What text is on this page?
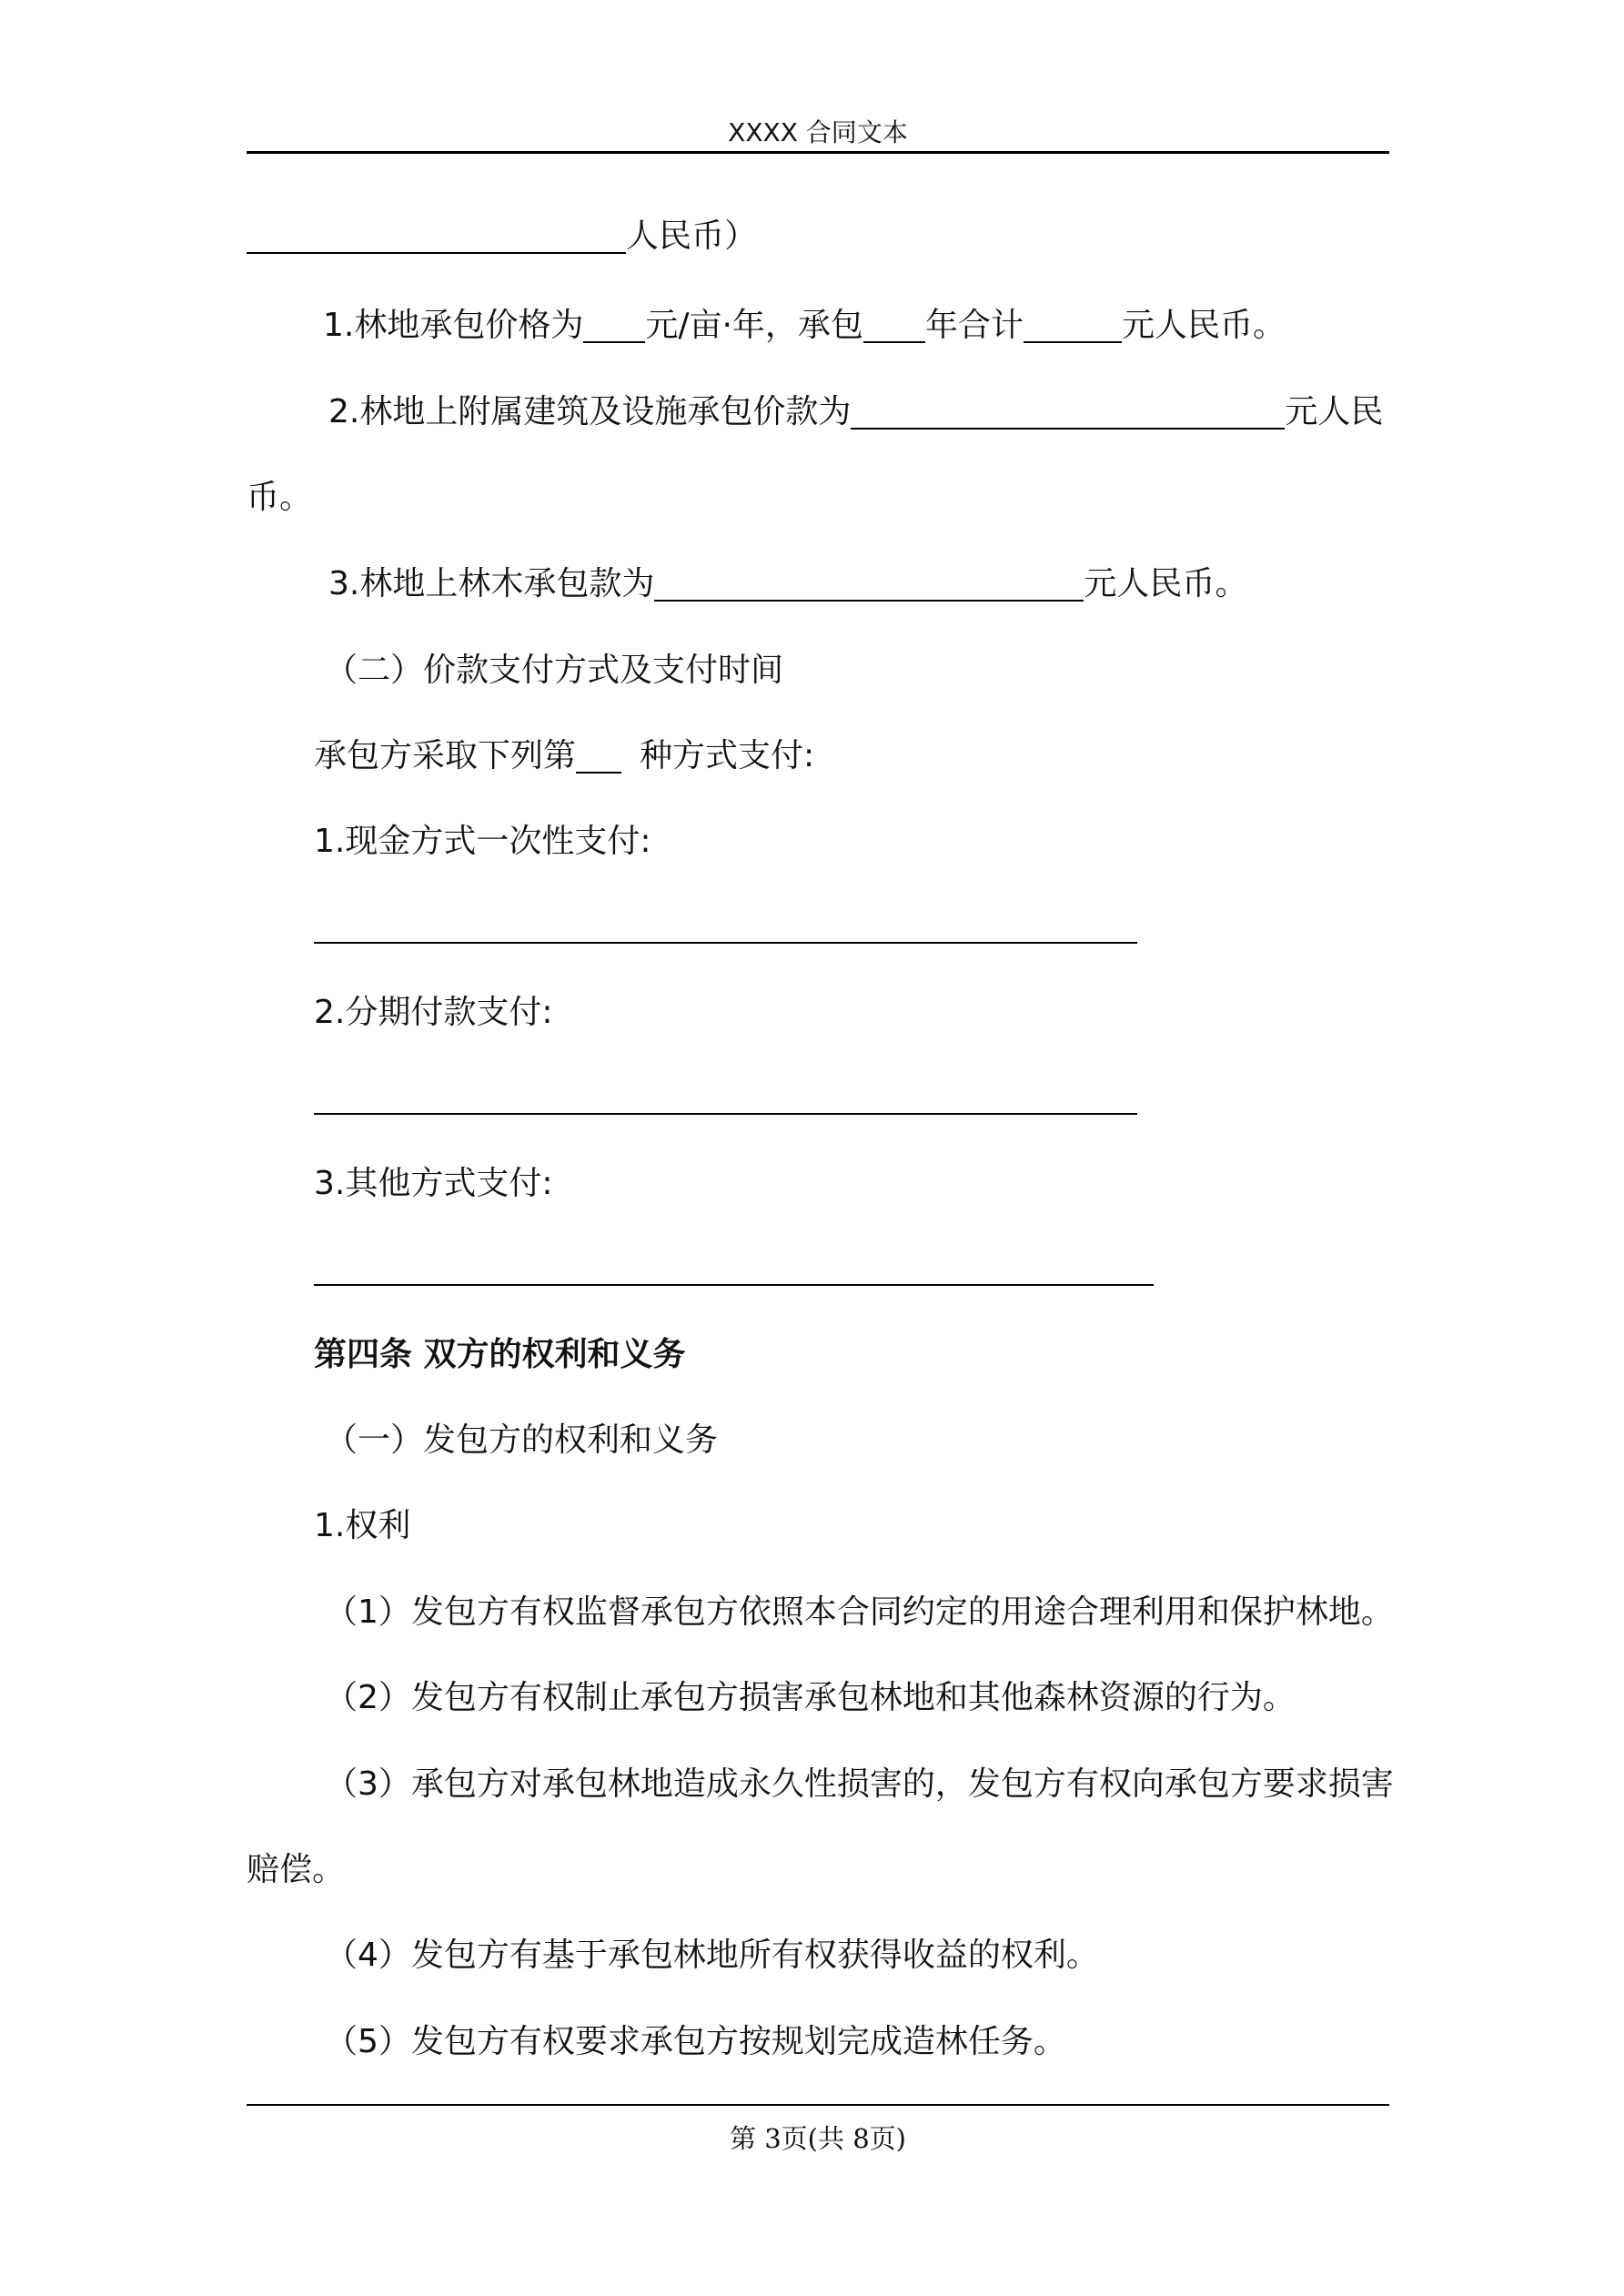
XXXX 合同文本
人民币）
1.林地承包价格为 元/亩·年，承包 年合计	元人民币。
2.林地上附属建筑及设施承包价款为	元人民
币。
3.林地上林木承包款为	元人民币。
（二）价款支付方式及支付时间
承包方采取下列第 种方式支付:
1.现金方式一次性支付:
2.分期付款支付:
3.其他方式支付:
第四条 双方的权利和义务
（一）发包方的权利和义务
1.权利
（1）发包方有权监督承包方依照本合同约定的用途合理利用和保护林地。
（2）发包方有权制止承包方损害承包林地和其他森林资源的行为。
（3）承包方对承包林地造成永久性损害的，发包方有权向承包方要求损害
赔偿。
（4）发包方有基于承包林地所有权获得收益的权利。
（5）发包方有权要求承包方按规划完成造林任务。
第 3页(共 8页)
